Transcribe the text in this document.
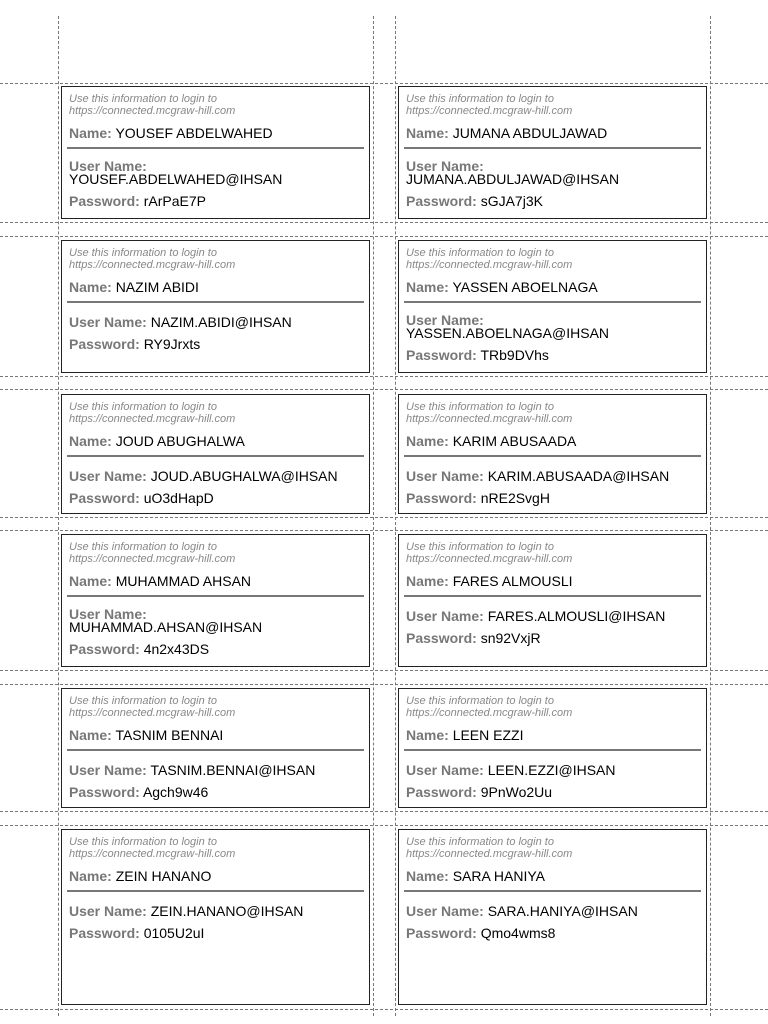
Use this information to login to
https://connected.mcgraw-hill.com
Name: YOUSEF ABDELWAHED
User Name:
YOUSEF.ABDELWAHED@IHSAN
Password: rArPaE7P
Use this information to login to
https://connected.mcgraw-hill.com
Name: JUMANA ABDULJAWAD
User Name:
JUMANA.ABDULJAWAD@IHSAN
Password: sGJA7j3K
Use this information to login to
https://connected.mcgraw-hill.com
Name: NAZIM ABIDI
User Name: NAZIM.ABIDI@IHSAN
Password: RY9Jrxts
Use this information to login to
https://connected.mcgraw-hill.com
Name: YASSEN ABOELNAGA
User Name:
YASSEN.ABOELNAGA@IHSAN
Password: TRb9DVhs
Use this information to login to
https://connected.mcgraw-hill.com
Name: JOUD ABUGHALWA
User Name: JOUD.ABUGHALWA@IHSAN
Password: uO3dHapD
Use this information to login to
https://connected.mcgraw-hill.com
Name: KARIM ABUSAADA
User Name: KARIM.ABUSAADA@IHSAN
Password: nRE2SvgH
Use this information to login to
https://connected.mcgraw-hill.com
Name: MUHAMMAD AHSAN
User Name:
MUHAMMAD.AHSAN@IHSAN
Password: 4n2x43DS
Use this information to login to
https://connected.mcgraw-hill.com
Name: FARES ALMOUSLI
User Name: FARES.ALMOUSLI@IHSAN
Password: sn92VxjR
Use this information to login to
https://connected.mcgraw-hill.com
Name: TASNIM BENNAI
User Name: TASNIM.BENNAI@IHSAN
Password: Agch9w46
Use this information to login to
https://connected.mcgraw-hill.com
Name: LEEN EZZI
User Name: LEEN.EZZI@IHSAN
Password: 9PnWo2Uu
Use this information to login to
https://connected.mcgraw-hill.com
Name: ZEIN HANANO
User Name: ZEIN.HANANO@IHSAN
Password: 0105U2uI
Use this information to login to
https://connected.mcgraw-hill.com
Name: SARA HANIYA
User Name: SARA.HANIYA@IHSAN
Password: Qmo4wms8
